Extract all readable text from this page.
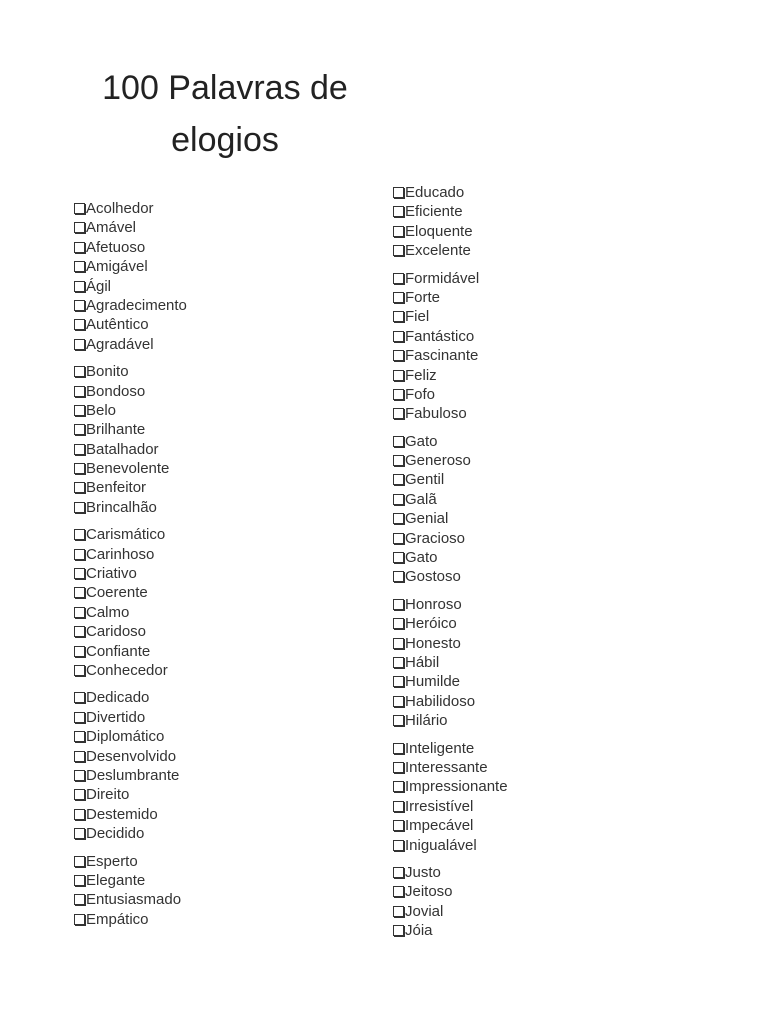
100 Palavras de elogios
Acolhedor
Amável
Afetuoso
Amigável
Ágil
Agradecimento
Autêntico
Agradável
Bonito
Bondoso
Belo
Brilhante
Batalhador
Benevolente
Benfeitor
Brincalhão
Carismático
Carinhoso
Criativo
Coerente
Calmo
Caridoso
Confiante
Conhecedor
Dedicado
Divertido
Diplomático
Desenvolvido
Deslumbrante
Direito
Destemido
Decidido
Esperto
Elegante
Entusiasmado
Empático
Educado
Eficiente
Eloquente
Excelente
Formidável
Forte
Fiel
Fantástico
Fascinante
Feliz
Fofo
Fabuloso
Gato
Generoso
Gentil
Galã
Genial
Gracioso
Gato
Gostoso
Honroso
Heróico
Honesto
Hábil
Humilde
Habilidoso
Hilário
Inteligente
Interessante
Impressionante
Irresistível
Impecável
Inigualável
Justo
Jeitoso
Jovial
Jóia
